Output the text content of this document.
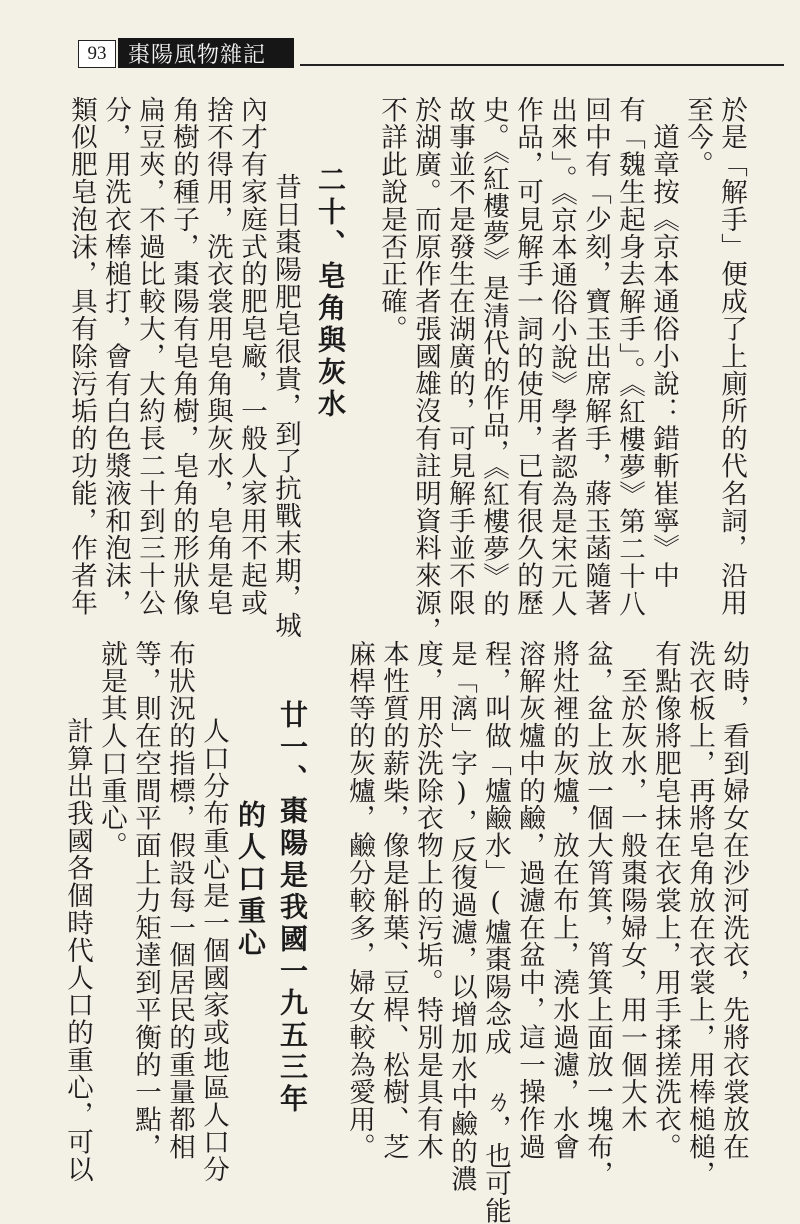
93 棗陽風物雜記
於是「解手」便成了上廁所的代名詞，沿用
至今。
　道章按《京本通俗小說：錯斬崔寧》中
有「魏生起身去解手」。《紅樓夢》第二十八
回中有「少刻，寶玉出席解手，蔣玉菡隨著
出來」。《京本通俗小說》學者認為是宋元人
作品，可見解手一詞的使用，已有很久的歷
史。《紅樓夢》是清代的作品，《紅樓夢》的
故事並不是發生在湖廣的，可見解手並不限
於湖廣。而原作者張國雄沒有註明資料來源，
不詳此說是否正確。
二十、皂角與灰水
　昔日棗陽肥皂很貴，到了抗戰末期，城
內才有家庭式的肥皂廠，一般人家用不起或
捨不得用，洗衣裳用皂角與灰水，皂角是皂
角樹的種子，棗陽有皂角樹，皂角的形狀像
扁豆夾，不過比較大，大約長二十到三十公
分，用洗衣棒槌打，會有白色漿液和泡沫，
類似肥皂泡沫，具有除污垢的功能，作者年
幼時，看到婦女在沙河洗衣，先將衣裳放在
洗衣板上，再將皂角放在衣裳上，用棒槌槌，
有點像將肥皂抹在衣裳上，用手揉搓洗衣。
　至於灰水，一般棗陽婦女，用一個大木
盆，盆上放一個大筲箕，筲箕上面放一塊布，
將灶裡的灰爐，放在布上，澆水過濾，水會
溶解灰爐中的鹼，過濾在盆中，這一操作過
程，叫做「爐鹼水」(爐棗陽念成 ㄌ，也可能
是「漓」字)，反復過濾，以增加水中鹼的濃
度，用於洗除衣物上的污垢。特別是具有木
本性質的薪柴，像是斛葉、豆桿、松樹、芝
麻桿等的灰爐，鹼分較多，婦女較為愛用。
廿一、棗陽是我國一九五三年
的人口重心
　人口分布重心是一個國家或地區人口分
布狀況的指標，假設每一個居民的重量都相
等，則在空間平面上力矩達到平衡的一點，
就是其人口重心。
　計算出我國各個時代人口的重心，可以
